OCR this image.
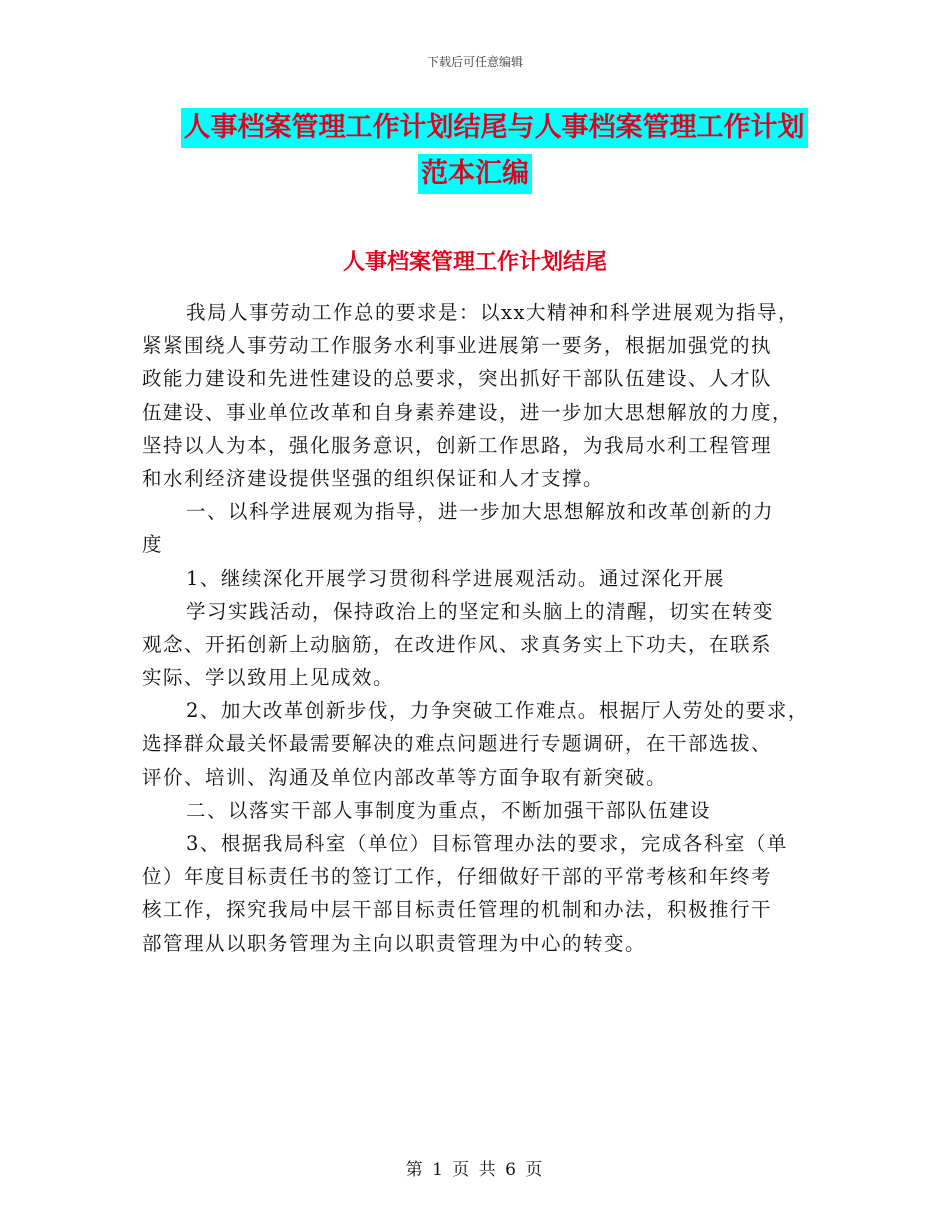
下载后可任意编辑
人事档案管理工作计划结尾与人事档案管理工作计划
范本汇编
人事档案管理工作计划结尾
我局人事劳动工作总的要求是：以xx大精神和科学进展观为指导，
紧紧围绕人事劳动工作服务水利事业进展第一要务，根据加强党的执
政能力建设和先进性建设的总要求，突出抓好干部队伍建设、人才队
伍建设、事业单位改革和自身素养建设，进一步加大思想解放的力度，
坚持以人为本，强化服务意识，创新工作思路，为我局水利工程管理
和水利经济建设提供坚强的组织保证和人才支撑。
一、以科学进展观为指导，进一步加大思想解放和改革创新的力
度
1、继续深化开展学习贯彻科学进展观活动。通过深化开展
学习实践活动，保持政治上的坚定和头脑上的清醒，切实在转变
观念、开拓创新上动脑筋，在改进作风、求真务实上下功夫，在联系
实际、学以致用上见成效。
2、加大改革创新步伐，力争突破工作难点。根据厅人劳处的要求，
选择群众最关怀最需要解决的难点问题进行专题调研，在干部选拔、
评价、培训、沟通及单位内部改革等方面争取有新突破。
二、以落实干部人事制度为重点，不断加强干部队伍建设
3、根据我局科室（单位）目标管理办法的要求，完成各科室（单
位）年度目标责任书的签订工作，仔细做好干部的平常考核和年终考
核工作，探究我局中层干部目标责任管理的机制和办法，积极推行干
部管理从以职务管理为主向以职责管理为中心的转变。
第 1 页 共 6 页
